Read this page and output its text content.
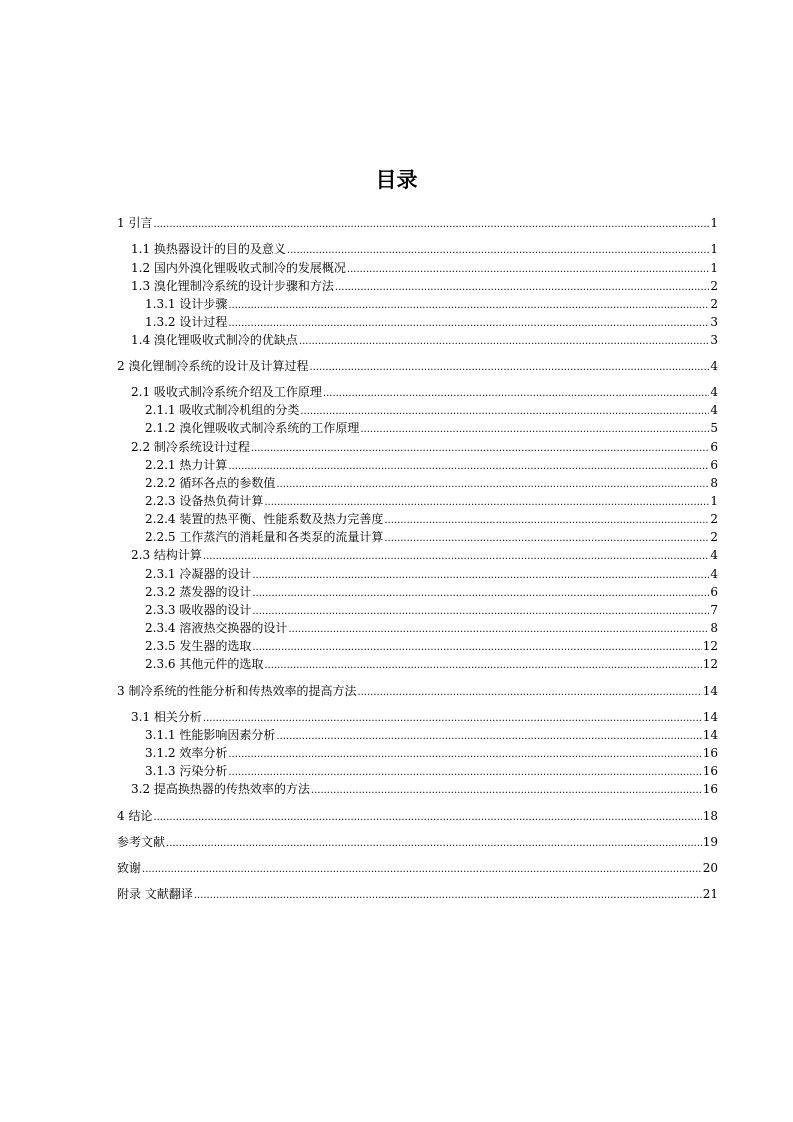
目录
1 引言 .....	1
1.1 换热器设计的目的及意义 .....	1
1.2 国内外溴化锂吸收式制冷的发展概况 .....	1
1.3 溴化锂制冷系统的设计步骤和方法 .....	2
1.3.1 设计步骤 .....	2
1.3.2 设计过程 .....	3
1.4 溴化锂吸收式制冷的优缺点 .....	3
2 溴化锂制冷系统的设计及计算过程 .....	4
2.1 吸收式制冷系统介绍及工作原理 .....	4
2.1.1 吸收式制冷机组的分类 .....	4
2.1.2 溴化锂吸收式制冷系统的工作原理 .....	5
2.2 制冷系统设计过程 .....	6
2.2.1 热力计算 .....	6
2.2.2 循环各点的参数值 .....	8
2.2.3 设备热负荷计算 .....	1
2.2.4 装置的热平衡、性能系数及热力完善度 .....	2
2.2.5 工作蒸汽的消耗量和各类泵的流量计算 .....	2
2.3 结构计算 .....	4
2.3.1 冷凝器的设计 .....	4
2.3.2 蒸发器的设计 .....	6
2.3.3 吸收器的设计 .....	7
2.3.4 溶液热交换器的设计 .....	8
2.3.5 发生器的选取 .....	12
2.3.6 其他元件的选取 .....	12
3 制冷系统的性能分析和传热效率的提高方法 .....	14
3.1 相关分析 .....	14
3.1.1 性能影响因素分析 .....	14
3.1.2 效率分析 .....	16
3.1.3 污染分析 .....	16
3.2 提高换热器的传热效率的方法 .....	16
4 结论 .....	18
参考文献 .....	19
致谢 .....	20
附录 文献翻译 .....	21
